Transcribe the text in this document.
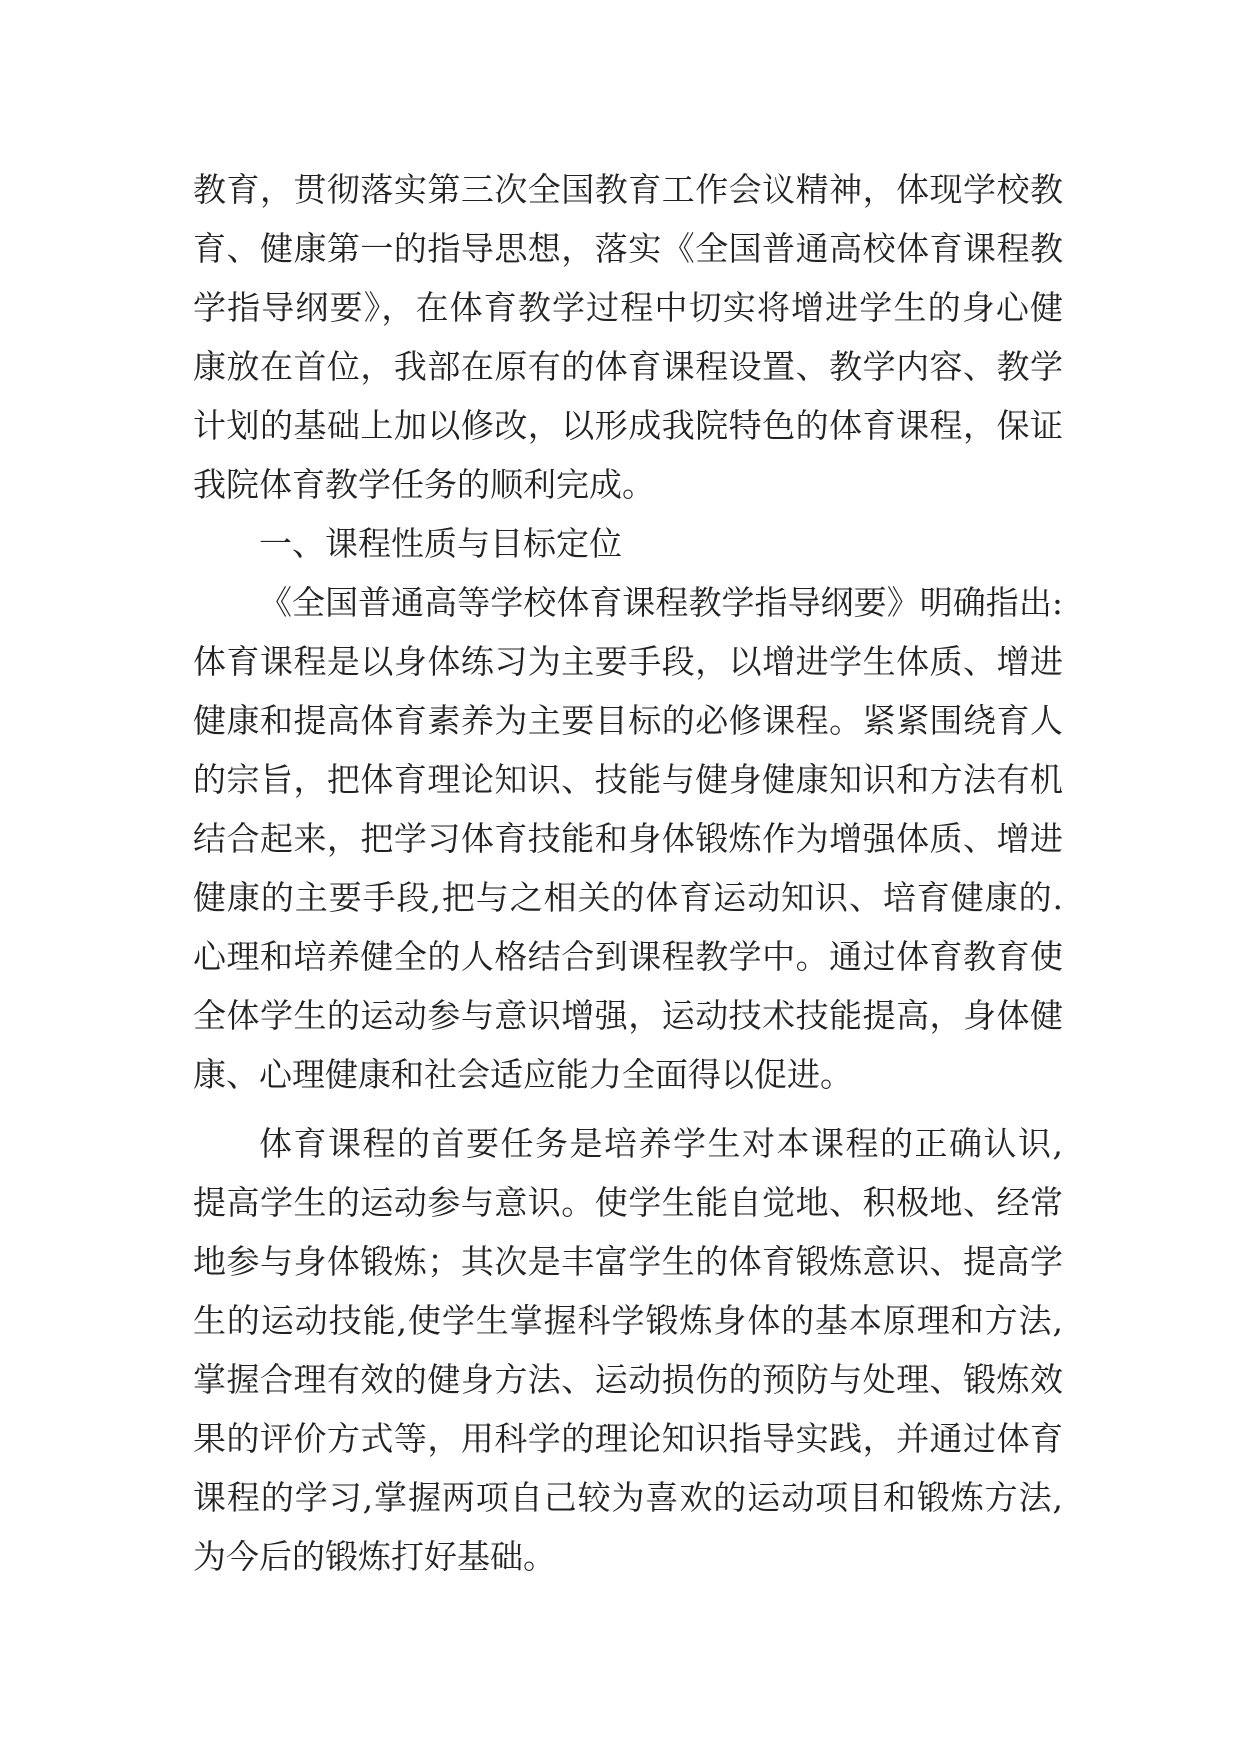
教育，贯彻落实第三次全国教育工作会议精神，体现学校教
育、健康第一的指导思想，落实《全国普通高校体育课程教
学指导纲要》，在体育教学过程中切实将增进学生的身心健
康放在首位，我部在原有的体育课程设置、教学内容、教学
计划的基础上加以修改，以形成我院特色的体育课程，保证
我院体育教学任务的顺利完成。
一、课程性质与目标定位
《全国普通高等学校体育课程教学指导纲要》明确指出:
体育课程是以身体练习为主要手段，以增进学生体质、增进
健康和提高体育素养为主要目标的必修课程。紧紧围绕育人
的宗旨，把体育理论知识、技能与健身健康知识和方法有机
结合起来，把学习体育技能和身体锻炼作为增强体质、增进
健康的主要手段,把与之相关的体育运动知识、培育健康的.
心理和培养健全的人格结合到课程教学中。通过体育教育使
全体学生的运动参与意识增强，运动技术技能提高，身体健
康、心理健康和社会适应能力全面得以促进。
体育课程的首要任务是培养学生对本课程的正确认识,
提高学生的运动参与意识。使学生能自觉地、积极地、经常
地参与身体锻炼；其次是丰富学生的体育锻炼意识、提高学
生的运动技能,使学生掌握科学锻炼身体的基本原理和方法,
掌握合理有效的健身方法、运动损伤的预防与处理、锻炼效
果的评价方式等，用科学的理论知识指导实践，并通过体育
课程的学习,掌握两项自己较为喜欢的运动项目和锻炼方法,
为今后的锻炼打好基础。
